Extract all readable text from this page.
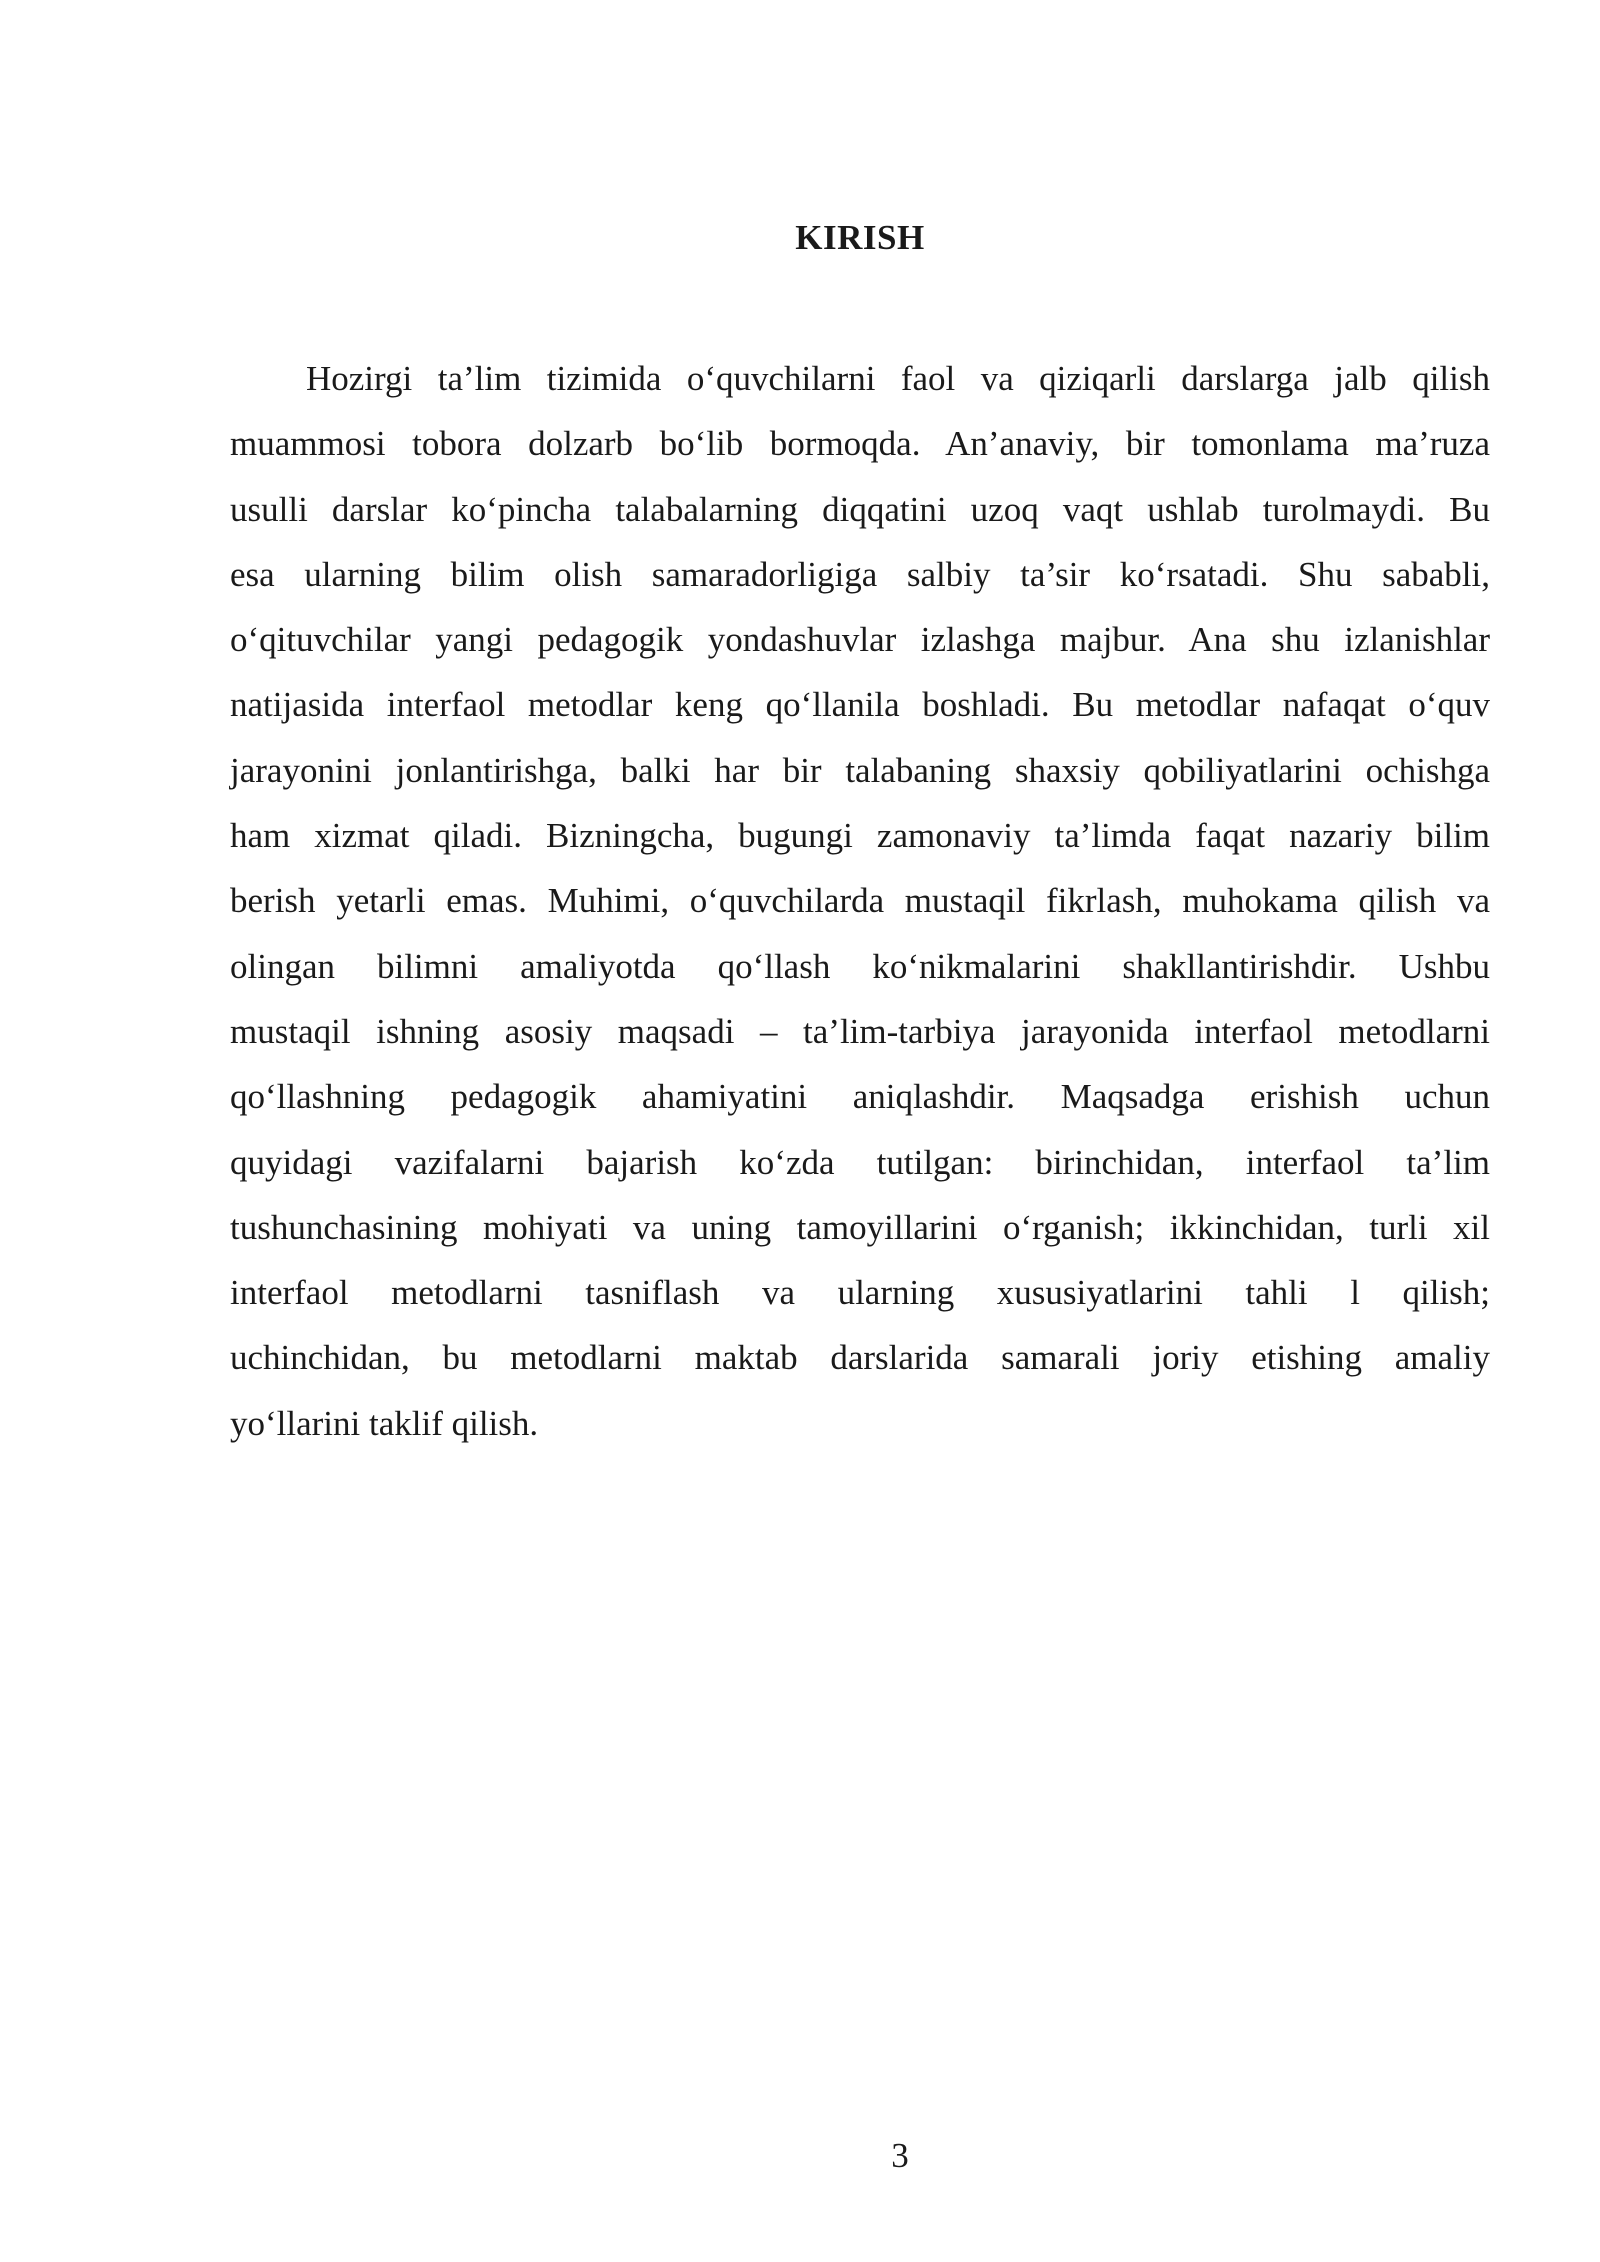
KIRISH
Hozirgi ta’lim tizimida o‘quvchilarni faol va qiziqarli darslarga jalb qilish
muammosi tobora dolzarb bo‘lib bormoqda. An’anaviy, bir tomonlama ma’ruza
usulli darslar ko‘pincha talabalarning diqqatini uzoq vaqt ushlab turolmaydi. Bu
esa ularning bilim olish samaradorligiga salbiy ta’sir ko‘rsatadi. Shu sababli,
o‘qituvchilar yangi pedagogik yondashuvlar izlashga majbur. Ana shu izlanishlar
natijasida interfaol metodlar keng qo‘llanila boshladi. Bu metodlar nafaqat o‘quv
jarayonini jonlantirishga, balki har bir talabaning shaxsiy qobiliyatlarini ochishga
ham xizmat qiladi. Bizningcha, bugungi zamonaviy ta’limda faqat nazariy bilim
berish yetarli emas. Muhimi, o‘quvchilarda mustaqil fikrlash, muhokama qilish va
olingan bilimni amaliyotda qo‘llash ko‘nikmalarini shakllantirishdir. Ushbu
mustaqil ishning asosiy maqsadi – ta’lim-tarbiya jarayonida interfaol metodlarni
qo‘llashning pedagogik ahamiyatini aniqlashdir. Maqsadga erishish uchun
quyidagi vazifalarni bajarish ko‘zda tutilgan: birinchidan, interfaol ta’lim
tushunchasining mohiyati va uning tamoyillarini o‘rganish; ikkinchidan, turli xil
interfaol metodlarni tasniflash va ularning xususiyatlarini tahli l qilish;
uchinchidan, bu metodlarni maktab darslarida samarali joriy etishing amaliy
yo‘llarini taklif qilish.
3
